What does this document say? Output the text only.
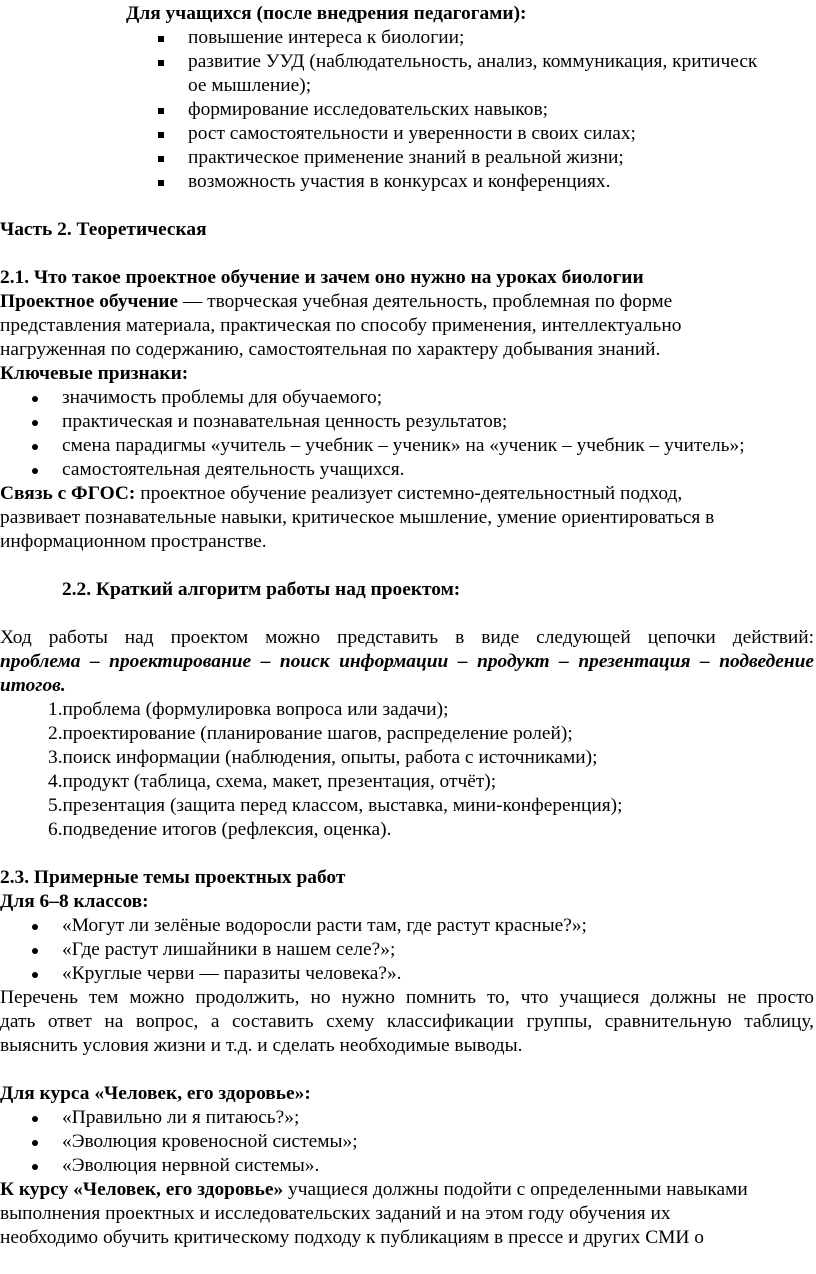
Для учащихся (после внедрения педагогами):
повышение интереса к биологии;
развитие УУД (наблюдательность, анализ, коммуникация, критическ
ое мышление);
формирование исследовательских навыков;
рост самостоятельности и уверенности в своих силах;
практическое применение знаний в реальной жизни;
возможность участия в конкурсах и конференциях.
Часть 2. Теоретическая
2.1. Что такое проектное обучение и зачем оно нужно на уроках биологии
Проектное обучение — творческая учебная деятельность, проблемная по форме
представления материала, практическая по способу применения, интеллектуально
нагруженная по содержанию, самостоятельная по характеру добывания знаний.
Ключевые признаки:
значимость проблемы для обучаемого;
практическая и познавательная ценность результатов;
смена парадигмы «учитель – учебник – ученик» на «ученик – учебник – учитель»;
самостоятельная деятельность учащихся.
Связь с ФГОС: проектное обучение реализует системно-деятельностный подход,
развивает познавательные навыки, критическое мышление, умение ориентироваться в
информационном пространстве.
2.2. Краткий алгоритм работы над проектом:
Ход работы над проектом можно представить в виде следующей цепочки действий:
проблема – проектирование – поиск информации – продукт – презентация – подведение
итогов.
1.проблема (формулировка вопроса или задачи);
2.проектирование (планирование шагов, распределение ролей);
3.поиск информации (наблюдения, опыты, работа с источниками);
4.продукт (таблица, схема, макет, презентация, отчёт);
5.презентация (защита перед классом, выставка, мини-конференция);
6.подведение итогов (рефлексия, оценка).
2.3. Примерные темы проектных работ
Для 6–8 классов:
«Могут ли зелёные водоросли расти там, где растут красные?»;
«Где растут лишайники в нашем селе?»;
«Круглые черви — паразиты человека?».
Перечень тем можно продолжить, но нужно помнить то, что учащиеся должны не просто
дать ответ на вопрос, а составить схему классификации группы, сравнительную таблицу,
выяснить условия жизни и т.д. и сделать необходимые выводы.
Для курса «Человек, его здоровье»:
«Правильно ли я питаюсь?»;
«Эволюция кровеносной системы»;
«Эволюция нервной системы».
К курсу «Человек, его здоровье» учащиеся должны подойти с определенными навыками
выполнения проектных и исследовательских заданий и на этом году обучения их
необходимо обучить критическому подходу к публикациям в прессе и других СМИ о
